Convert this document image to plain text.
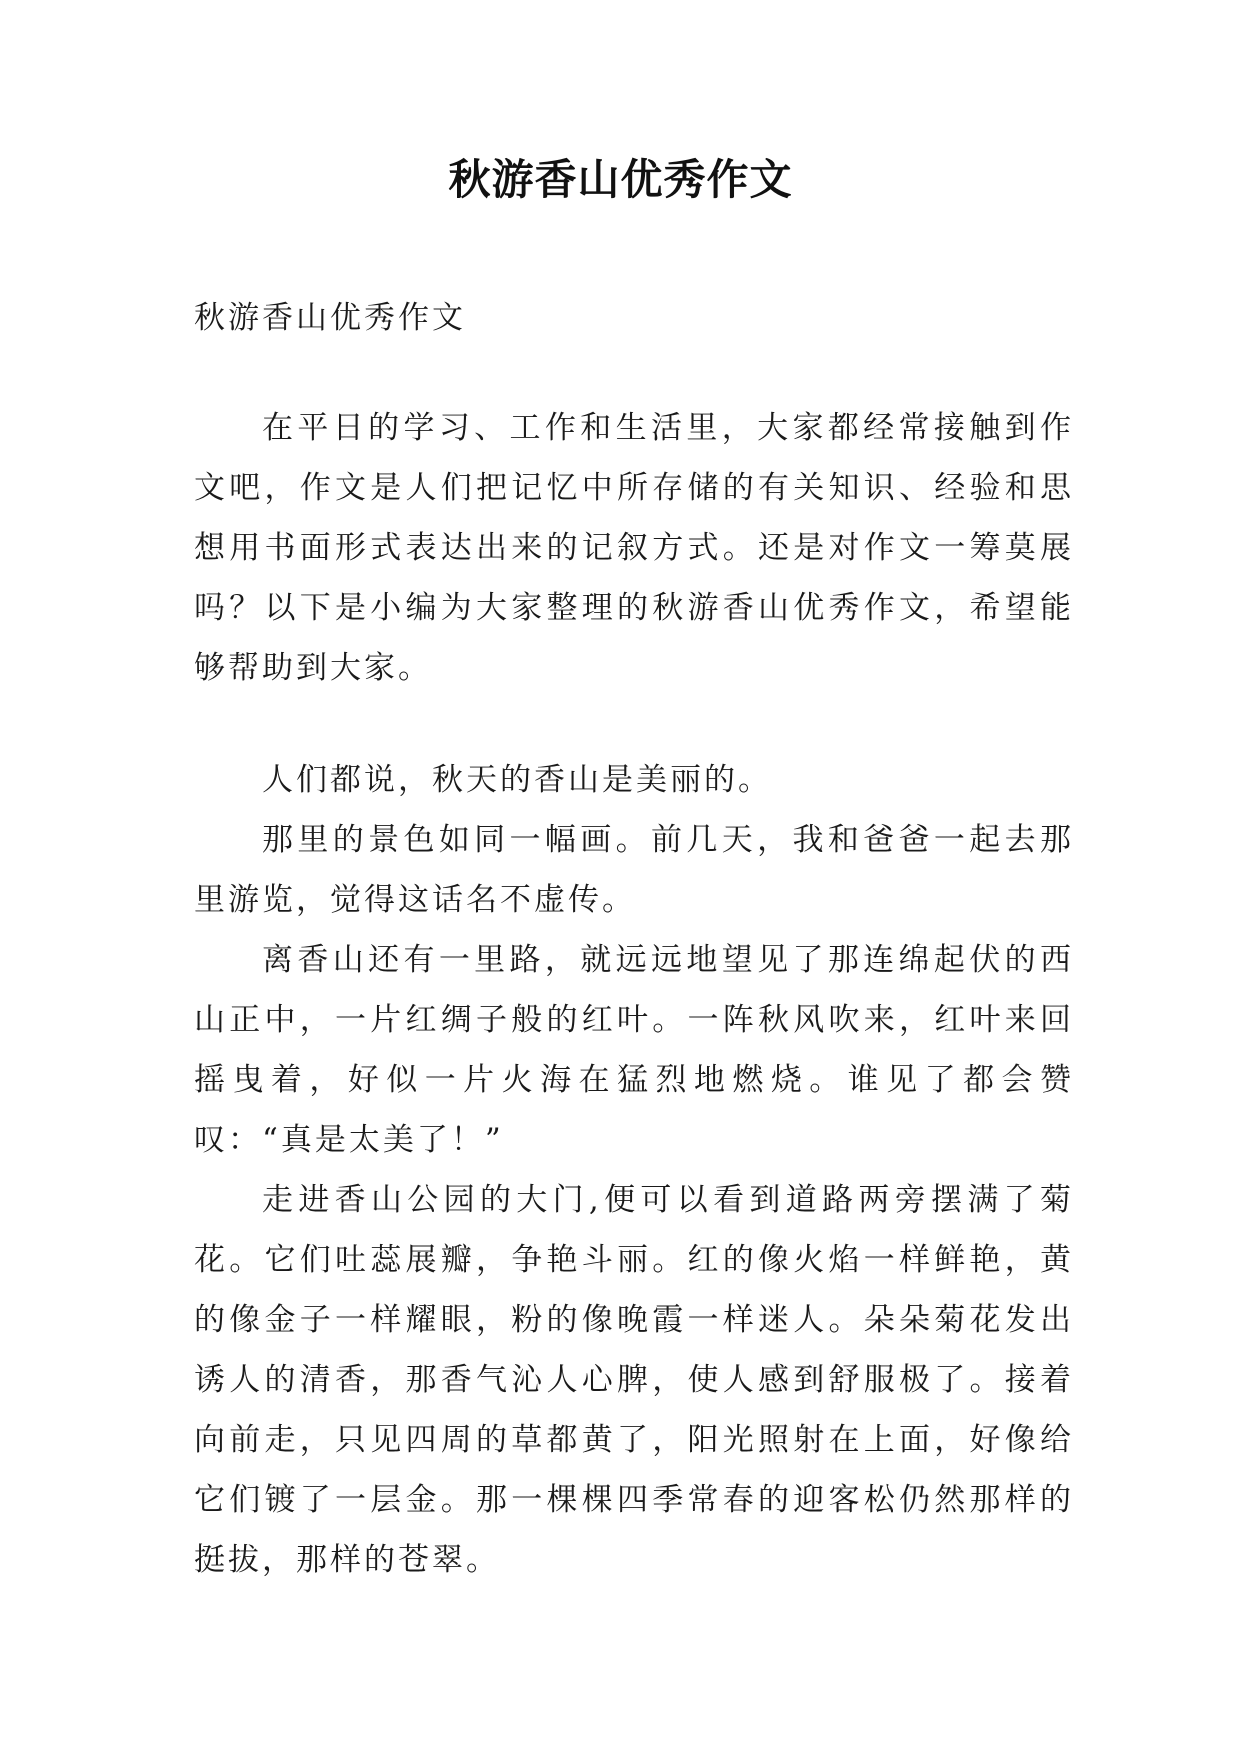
秋游香山优秀作文

秋游香山优秀作文

在平日的学习、工作和生活里，大家都经常接触到作文吧，作文是人们把记忆中所存储的有关知识、经验和思想用书面形式表达出来的记叙方式。还是对作文一筹莫展吗？以下是小编为大家整理的秋游香山优秀作文，希望能够帮助到大家。

人们都说，秋天的香山是美丽的。

那里的景色如同一幅画。前几天，我和爸爸一起去那里游览，觉得这话名不虚传。

离香山还有一里路，就远远地望见了那连绵起伏的西山正中，一片红绸子般的红叶。一阵秋风吹来，红叶来回摇曳着，好似一片火海在猛烈地燃烧。谁见了都会赞叹：“真是太美了！”

走进香山公园的大门,便可以看到道路两旁摆满了菊花。它们吐蕊展瓣，争艳斗丽。红的像火焰一样鲜艳，黄的像金子一样耀眼，粉的像晚霞一样迷人。朵朵菊花发出诱人的清香，那香气沁人心脾，使人感到舒服极了。接着向前走，只见四周的草都黄了，阳光照射在上面，好像给它们镀了一层金。那一棵棵四季常春的迎客松仍然那样的挺拔，那样的苍翠。
